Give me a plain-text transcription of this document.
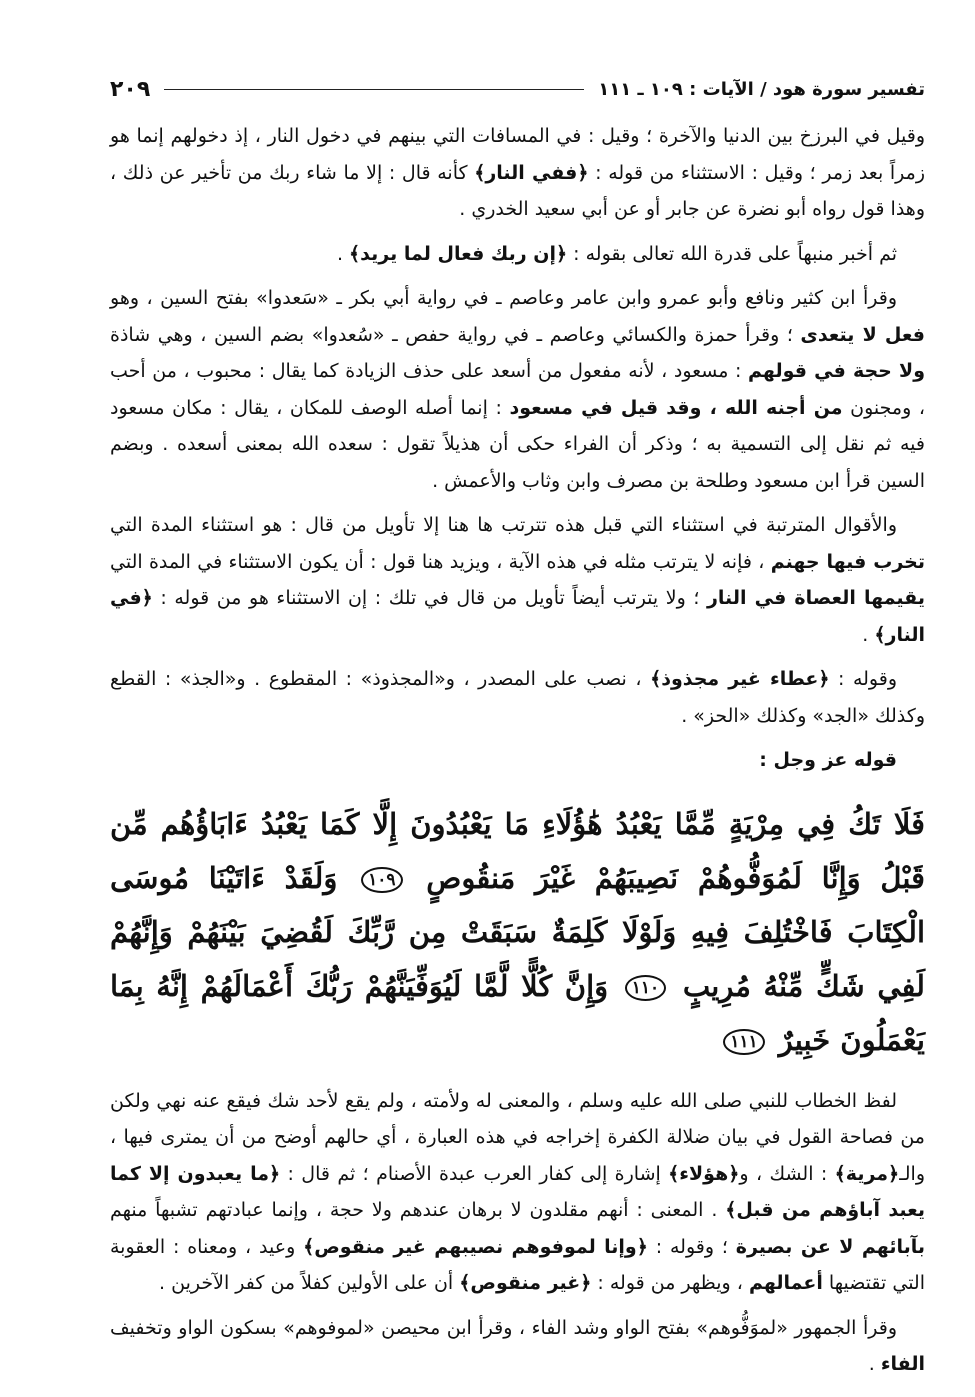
تفسير سورة هود / الآيات : ١٠٩ ـ ١١١
٢٠٩

وقيل في البرزخ بين الدنيا والآخرة ؛ وقيل : في المسافات التي بينهم في دخول النار ، إذ دخولهم إنما هو زمراً بعد زمر ؛ وقيل : الاستثناء من قوله : ﴿ففي النار﴾ كأنه قال : إلا ما شاء ربك من تأخير عن ذلك ، وهذا قول رواه أبو نضرة عن جابر أو عن أبي سعيد الخدري .

ثم أخبر منبهاً على قدرة الله تعالى بقوله : ﴿إن ربك فعال لما يريد﴾ .

وقرأ ابن كثير ونافع وأبو عمرو وابن عامر وعاصم ـ في رواية أبي بكر ـ «سَعدوا» بفتح السين ، وهو فعل لا يتعدى ؛ وقرأ حمزة والكسائي وعاصم ـ في رواية حفص ـ «سُعدوا» بضم السين ، وهي شاذة ولا حجة في قولهم : مسعود ، لأنه مفعول من أسعد على حذف الزيادة كما يقال : محبوب ، من أحب ، ومجنون من أجنه الله ، وقد قيل في مسعود : إنما أصله الوصف للمكان ، يقال : مكان مسعود فيه ثم نقل إلى التسمية به ؛ وذكر أن الفراء حكى أن هذيلاً تقول : سعده الله بمعنى أسعده . وبضم السين قرأ ابن مسعود وطلحة بن مصرف وابن وثاب والأعمش .

والأقوال المترتبة في استثناء التي قبل هذه تترتب ها هنا إلا تأويل من قال : هو استثناء المدة التي تخرب فيها جهنم ، فإنه لا يترتب مثله في هذه الآية ، ويزيد هنا قول : أن يكون الاستثناء في المدة التي يقيمها العصاة في النار ؛ ولا يترتب أيضاً تأويل من قال في تلك : إن الاستثناء هو من قوله : ﴿في النار﴾ .

وقوله : ﴿عطاء غير مجذوذ﴾ ، نصب على المصدر ، و«المجذوذ» : المقطوع . و«الجذ» : القطع وكذلك «الجد» وكذلك «الحز» .

قوله عز وجل :

فَلَا تَكُ فِي مِرْيَةٍ مِّمَّا يَعْبُدُ هَٰؤُلَاءِ مَا يَعْبُدُونَ إِلَّا كَمَا يَعْبُدُ ءَابَاؤُهُم مِّن قَبْلُ وَإِنَّا لَمُوَفُّوهُمْ نَصِيبَهُمْ غَيْرَ مَنقُوصٍ ١٠٩ وَلَقَدْ ءَاتَيْنَا مُوسَى الْكِتَابَ فَاخْتُلِفَ فِيهِ وَلَوْلَا كَلِمَةٌ سَبَقَتْ مِن رَّبِّكَ لَقُضِيَ بَيْنَهُمْ وَإِنَّهُمْ لَفِي شَكٍّ مِّنْهُ مُرِيبٍ ١١٠ وَإِنَّ كُلًّا لَّمَّا لَيُوَفِّيَنَّهُمْ رَبُّكَ أَعْمَالَهُمْ إِنَّهُ بِمَا يَعْمَلُونَ خَبِيرٌ ١١١

لفظ الخطاب للنبي صلى الله عليه وسلم ، والمعنى له ولأمته ، ولم يقع لأحد شك فيقع عنه نهي ولكن من فصاحة القول في بيان ضلالة الكفرة إخراجه في هذه العبارة ، أي حالهم أوضح من أن يمترى فيها ، والـ﴿مرية﴾ : الشك ، و﴿هؤلاء﴾ إشارة إلى كفار العرب عبدة الأصنام ؛ ثم قال : ﴿ما يعبدون إلا كما يعبد آباؤهم من قبل﴾ . المعنى : أنهم مقلدون لا برهان عندهم ولا حجة ، وإنما عبادتهم تشبهاً منهم بآبائهم لا عن بصيرة ؛ وقوله : ﴿وإنا لموفوهم نصيبهم غير منقوص﴾ وعيد ، ومعناه : العقوبة التي تقتضيها أعمالهم ، ويظهر من قوله : ﴿غير منقوص﴾ أن على الأولين كفلاً من كفر الآخرين .

وقرأ الجمهور «لموَفُّوهم» بفتح الواو وشد الفاء ، وقرأ ابن محيصن «لموفوهم» بسكون الواو وتخفيف الفاء .
